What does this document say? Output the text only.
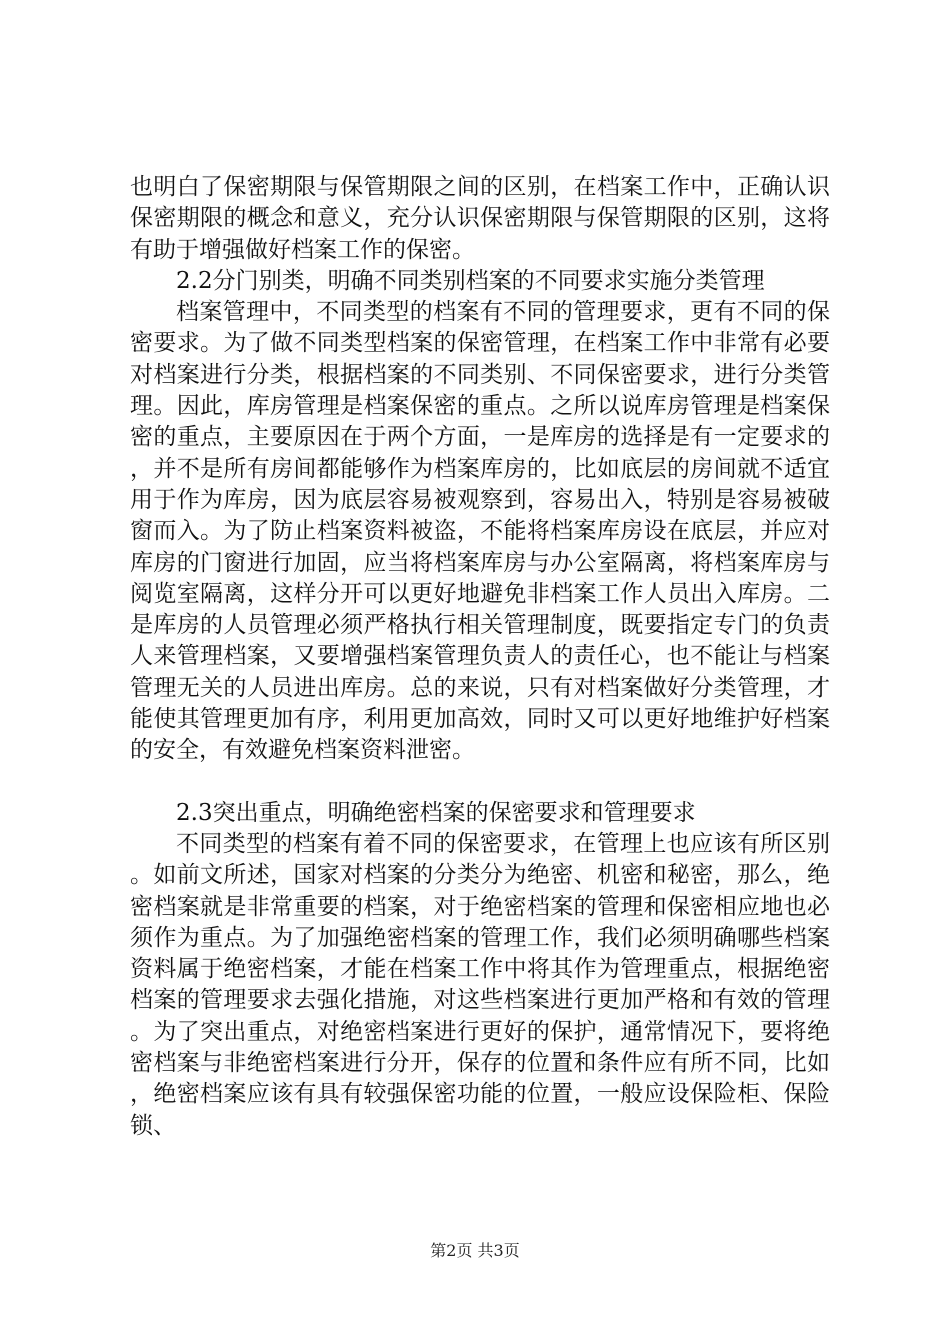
也明白了保密期限与保管期限之间的区别，在档案工作中，正确认识保密期限的概念和意义，充分认识保密期限与保管期限的区别，这将有助于增强做好档案工作的保密。

2.2分门别类，明确不同类别档案的不同要求实施分类管理

档案管理中，不同类型的档案有不同的管理要求，更有不同的保密要求。为了做不同类型档案的保密管理，在档案工作中非常有必要对档案进行分类，根据档案的不同类别、不同保密要求，进行分类管理。因此，库房管理是档案保密的重点。之所以说库房管理是档案保密的重点，主要原因在于两个方面，一是库房的选择是有一定要求的，并不是所有房间都能够作为档案库房的，比如底层的房间就不适宜用于作为库房，因为底层容易被观察到，容易出入，特别是容易被破窗而入。为了防止档案资料被盗，不能将档案库房设在底层，并应对库房的门窗进行加固，应当将档案库房与办公室隔离，将档案库房与阅览室隔离，这样分开可以更好地避免非档案工作人员出入库房。二是库房的人员管理必须严格执行相关管理制度，既要指定专门的负责人来管理档案，又要增强档案管理负责人的责任心，也不能让与档案管理无关的人员进出库房。总的来说，只有对档案做好分类管理，才能使其管理更加有序，利用更加高效，同时又可以更好地维护好档案的安全，有效避免档案资料泄密。

2.3突出重点，明确绝密档案的保密要求和管理要求

不同类型的档案有着不同的保密要求，在管理上也应该有所区别。如前文所述，国家对档案的分类分为绝密、机密和秘密，那么，绝密档案就是非常重要的档案，对于绝密档案的管理和保密相应地也必须作为重点。为了加强绝密档案的管理工作，我们必须明确哪些档案资料属于绝密档案，才能在档案工作中将其作为管理重点，根据绝密档案的管理要求去强化措施，对这些档案进行更加严格和有效的管理。为了突出重点，对绝密档案进行更好的保护，通常情况下，要将绝密档案与非绝密档案进行分开，保存的位置和条件应有所不同，比如，绝密档案应该有具有较强保密功能的位置，一般应设保险柜、保险锁、

第2页 共3页
